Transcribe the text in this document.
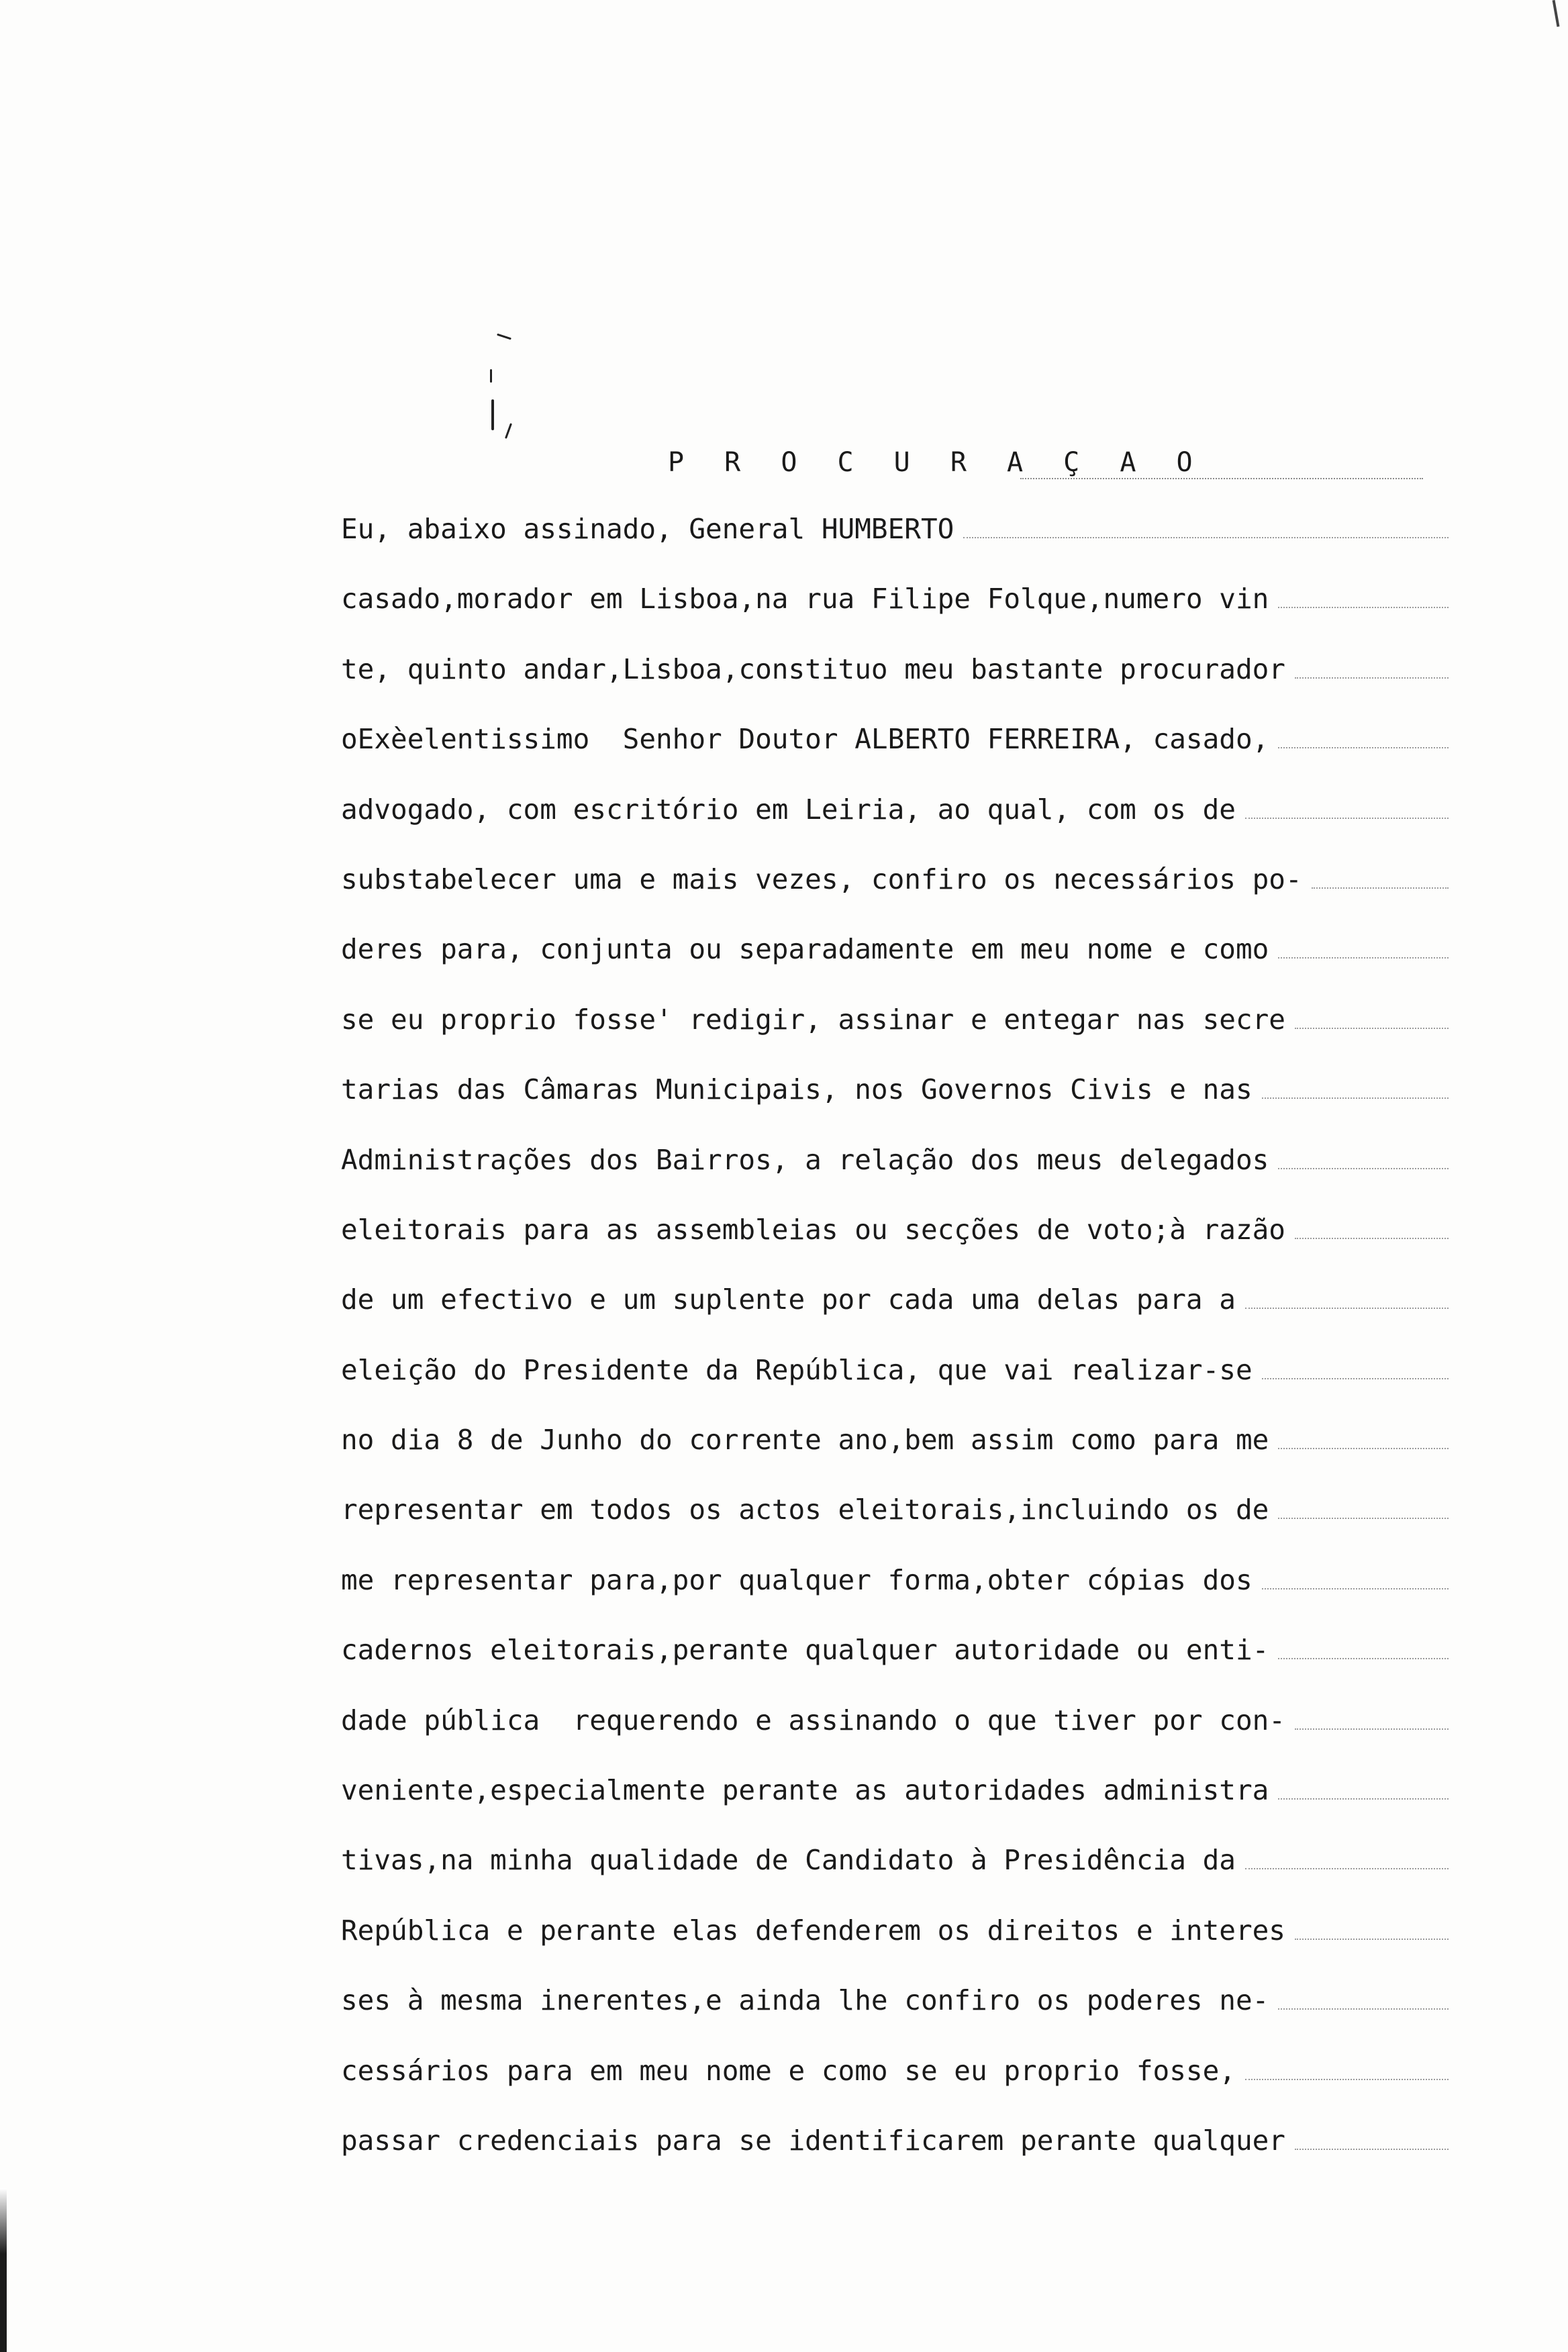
P R O C U R A Ç A O
Eu, abaixo assinado, General HUMBERTO
casado,morador em Lisboa,na rua Filipe Folque,numero vin
te, quinto andar,Lisboa,constituo meu bastante procurador
oExèelentissimo  Senhor Doutor ALBERTO FERREIRA, casado,
advogado, com escritório em Leiria, ao qual, com os de
substabelecer uma e mais vezes, confiro os necessários po-
deres para, conjunta ou separadamente em meu nome e como
se eu proprio fosse' redigir, assinar e entegar nas secre
tarias das Câmaras Municipais, nos Governos Civis e nas
Administrações dos Bairros, a relação dos meus delegados
eleitorais para as assembleias ou secções de voto;à razão
de um efectivo e um suplente por cada uma delas para a
eleição do Presidente da República, que vai realizar-se
no dia 8 de Junho do corrente ano,bem assim como para me
representar em todos os actos eleitorais,incluindo os de
me representar para,por qualquer forma,obter cópias dos
cadernos eleitorais,perante qualquer autoridade ou enti-
dade pública  requerendo e assinando o que tiver por con-
veniente,especialmente perante as autoridades administra
tivas,na minha qualidade de Candidato à Presidência da
República e perante elas defenderem os direitos e interes
ses à mesma inerentes,e ainda lhe confiro os poderes ne-
cessários para em meu nome e como se eu proprio fosse,
passar credenciais para se identificarem perante qualquer
